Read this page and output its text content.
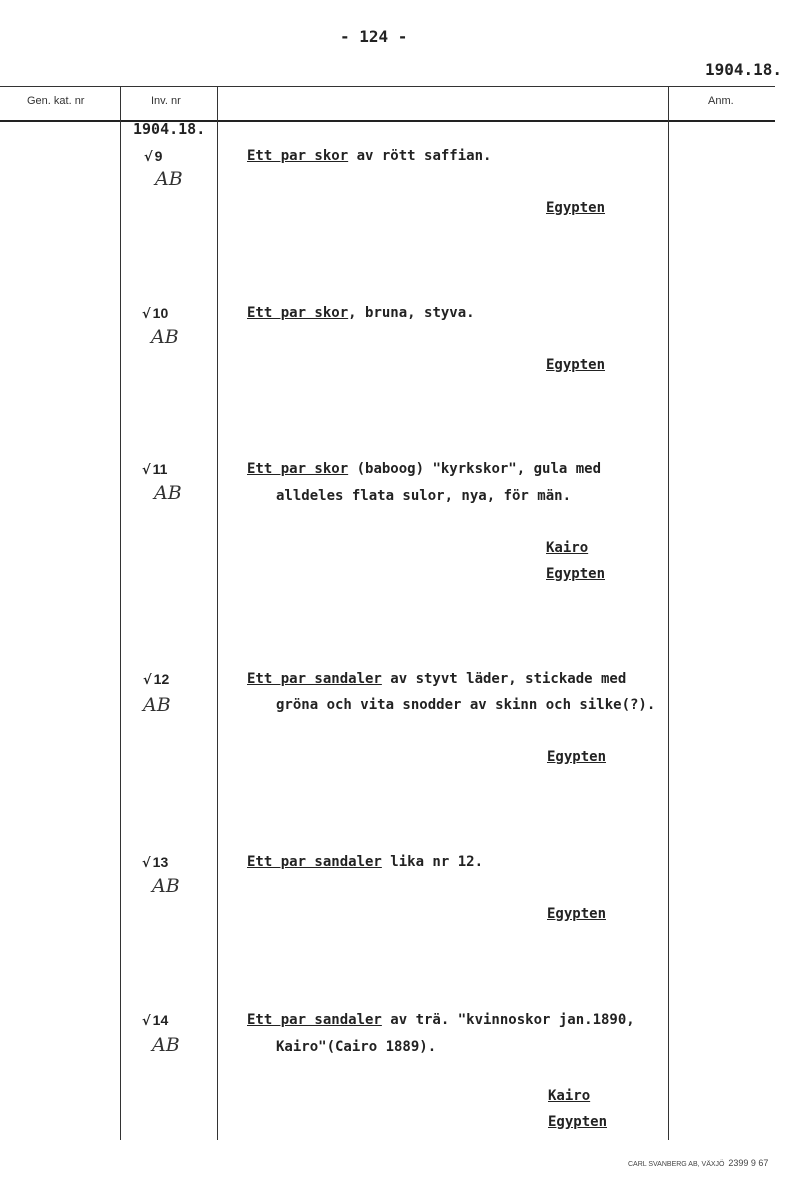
- 124 -
1904.18.
Gen. kat. nr	Inv. nr	Anm.
1904.18.
√ 9
AB
Ett par skor av rött saffian.
Egypten
√ 10
AB
Ett par skor, bruna, styva.
Egypten
√ 11
AB
Ett par skor (baboog) "kyrkskor", gula med
alldeles flata sulor, nya, för män.
Kairo
Egypten
√ 12
AB
Ett par sandaler av styvt läder, stickade med
gröna och vita snodder av skinn och silke(?).
Egypten
√ 13
AB
Ett par sandaler lika nr 12.
Egypten
√ 14
AB
Ett par sandaler av trä. "kvinnoskor jan.1890,
Kairo"(Cairo 1889).
Kairo
Egypten
CARL SVANBERG AB, VÄXJÖ 2399 9 67
